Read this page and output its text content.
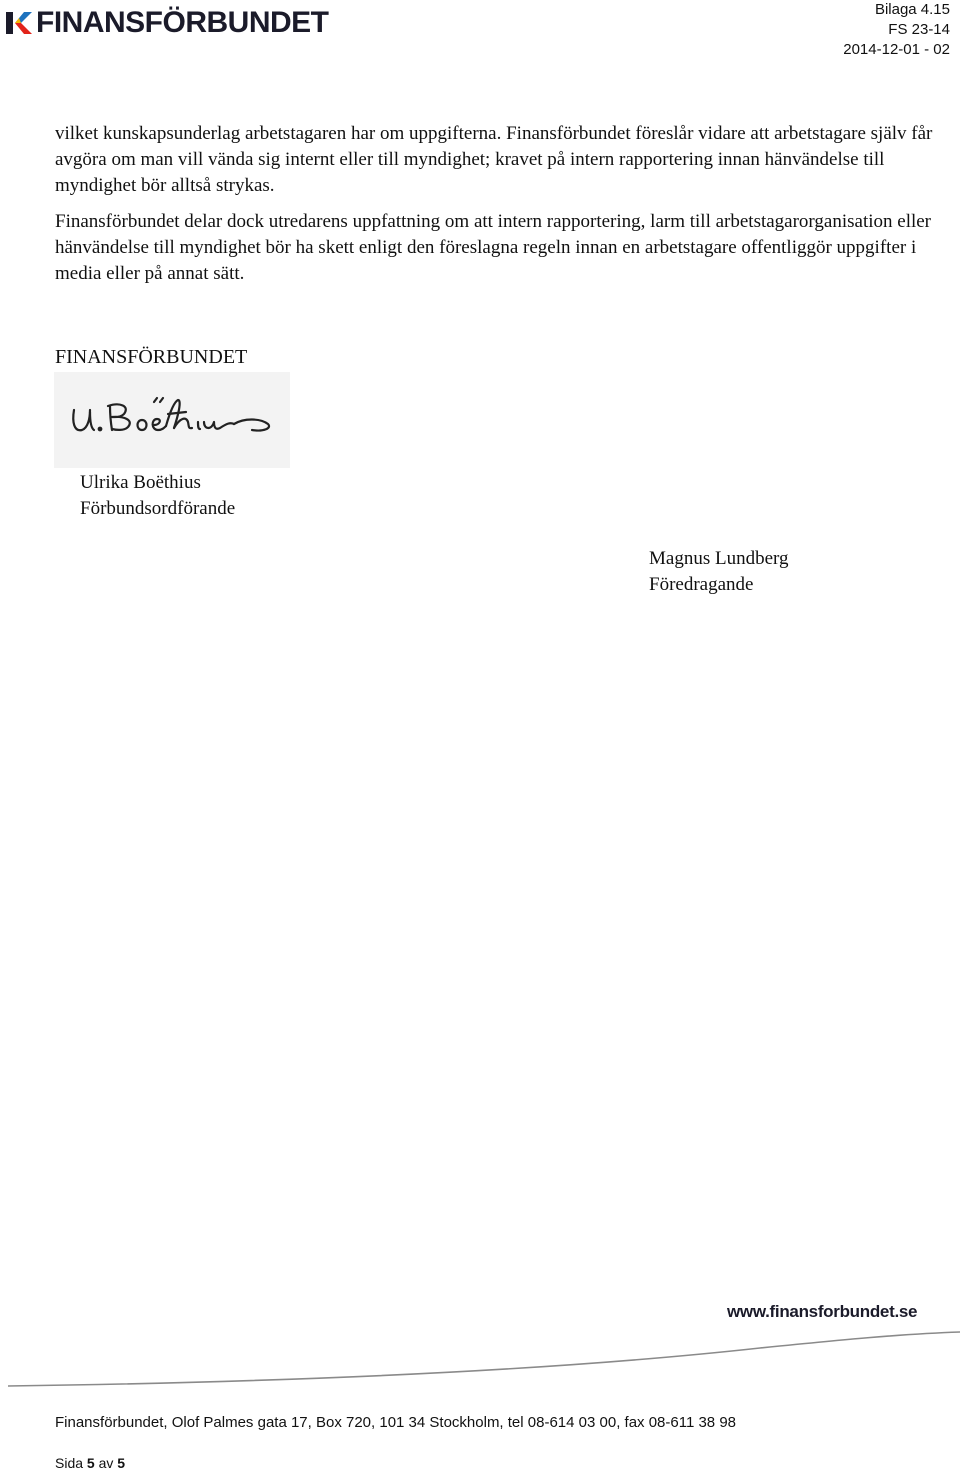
FINANSFÖRBUNDET	Bilaga 4.15
FS 23-14
2014-12-01 - 02

vilket kunskapsunderlag arbetstagaren har om uppgifterna. Finansförbundet föreslår vidare att arbetstagare själv får avgöra om man vill vända sig internt eller till myndighet; kravet på intern rapportering innan hänvändelse till myndighet bör alltså strykas.

Finansförbundet delar dock utredarens uppfattning om att intern rapportering, larm till arbetstagarorganisation eller hänvändelse till myndighet bör ha skett enligt den föreslagna regeln innan en arbetstagare offentliggör uppgifter i media eller på annat sätt.

FINANSFÖRBUNDET
Ulrika Boëthius
Förbundsordförande
Magnus Lundberg
Föredragande
www.finansforbundet.se
Finansförbundet, Olof Palmes gata 17, Box 720, 101 34 Stockholm, tel 08-614 03 00, fax 08-611 38 98
Sida 5 av 5
